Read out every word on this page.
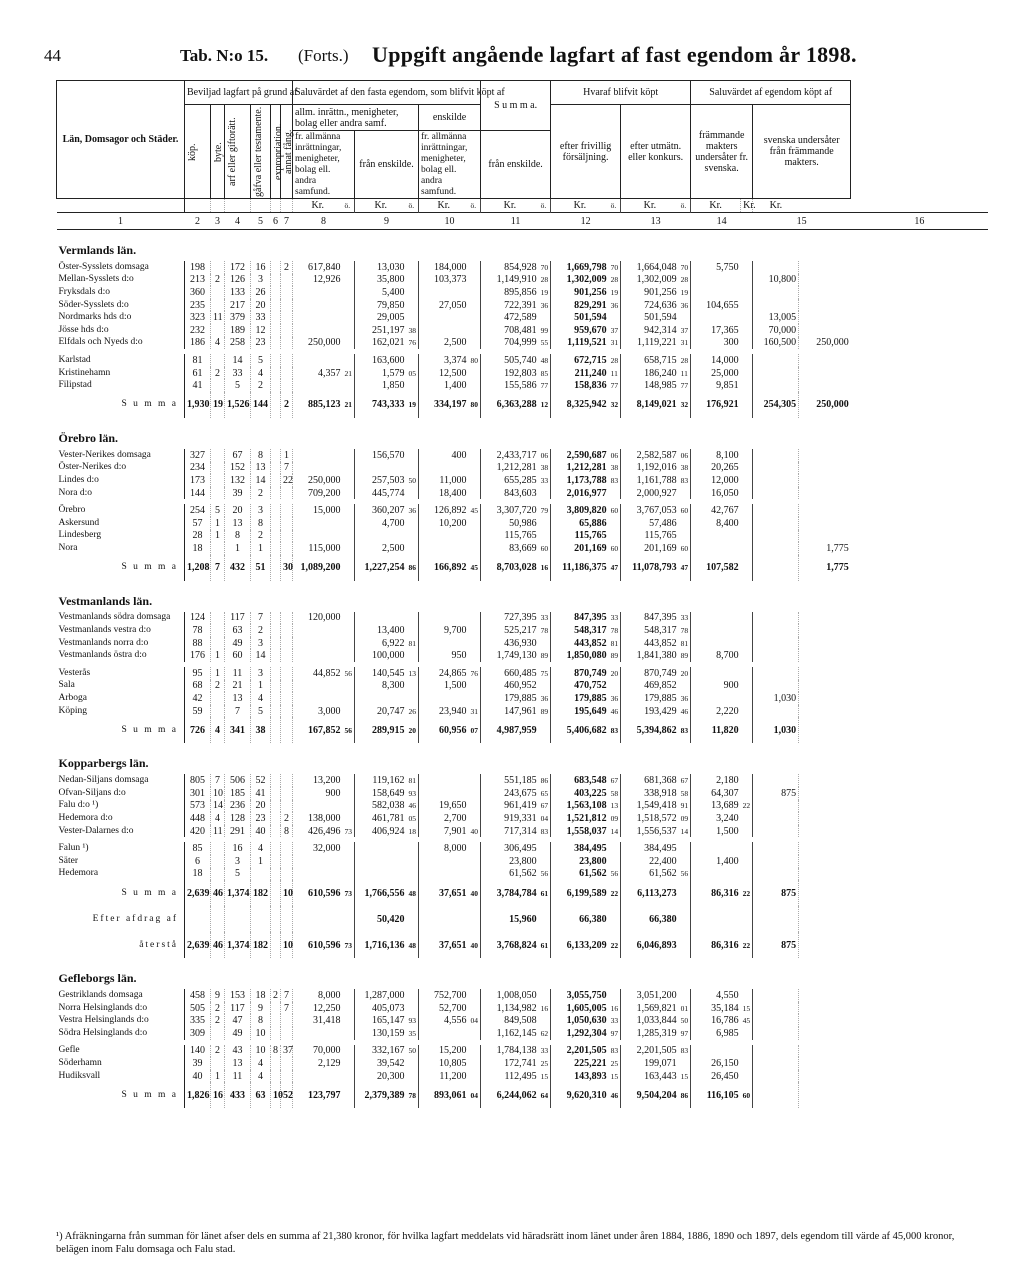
44	Tab. N:o 15. (Forts.) Uppgift angående lagfart af fast egendom år 1898.
Län, Domsagor och Städer.	Beviljad lagfart på grund af						Saluvärdet af den fasta egendom, som blifvit köpt af						S u m m a.		Hvaraf blifvit köpt				Saluvärdet af egendom köpt af				

	köp.	byte.	arf eller giftorätt.	gåfva eller testamente.	expropriation.	annat fång.	allm. inrättn., menigheter, bolag eller andra samf.				enskilde				efter frivillig försäljning.		efter utmätn. eller konkurs.		främmande makters undersåter fr. svenska.		svenska undersåter från främmande makters.		
							fr. allmänna inrättningar, menigheter, bolag ell. andra samfund.		från enskilde.		fr. allmänna inrättningar, menigheter, bolag ell. andra samfund.		från enskilde.										
							Kr.	ö.	Kr.	ö.	Kr.	ö.	Kr.	ö.	Kr.	ö.	Kr.	ö.	Kr.	Kr.	Kr.		
1	2	3	4	5	6	7	8		9		10		11		12		13		14		15		16
Vermlands län.																							

Öster-Sysslets domsaga	198		172	16		2	617,840		13,030		184,000		854,928	70	1,669,798	70	1,664,048	70	5,750				
Mellan-Sysslets d:o	213	2	126	3			12,926		35,800		103,373		1,149,910	28	1,302,009	28	1,302,009	28			10,800		
Fryksdals d:o	360		133	26					5,400				895,856	19	901,256	19	901,256	19					
Söder-Sysslets d:o	235		217	20					79,850		27,050		722,391	36	829,291	36	724,636	36	104,655				
Nordmarks hds d:o	323	11	379	33					29,005				472,589		501,594		501,594				13,005		
Jösse hds d:o	232		189	12					251,197	38			708,481	99	959,670	37	942,314	37	17,365		70,000		
Elfdals och Nyeds d:o	186	4	258	23			250,000		162,021	76	2,500		704,999	55	1,119,521	31	1,119,221	31	300		160,500	250,000	

Karlstad	81		14	5					163,600		3,374	80	505,740	48	672,715	28	658,715	28	14,000				
Kristinehamn	61	2	33	4			4,357	21	1,579	05	12,500		192,803	85	211,240	11	186,240	11	25,000				
Filipstad	41		5	2					1,850		1,400		155,586	77	158,836	77	148,985	77	9,851				
S u m m a	1,930	19	1,526	144		2	885,123	21	743,333	19	334,197	80	6,363,288	12	8,325,942	32	8,149,021	32	176,921		254,305	250,000	
Örebro län.																							

Vester-Nerikes domsaga	327		67	8		1			156,570		400		2,433,717	06	2,590,687	06	2,582,587	06	8,100				
Öster-Nerikes d:o	234		152	13		7							1,212,281	38	1,212,281	38	1,192,016	38	20,265				
Lindes d:o	173		132	14		22	250,000		257,503	50	11,000		655,285	33	1,173,788	83	1,161,788	83	12,000				
Nora d:o	144		39	2			709,200		445,774		18,400		843,603		2,016,977		2,000,927		16,050				

Örebro	254	5	20	3			15,000		360,207	36	126,892	45	3,307,720	79	3,809,820	60	3,767,053	60	42,767				
Askersund	57	1	13	8					4,700		10,200		50,986		65,886		57,486		8,400				
Lindesberg	28	1	8	2									115,765		115,765		115,765						
Nora	18		1	1			115,000		2,500				83,669	60	201,169	60	201,169	60				1,775	
S u m m a	1,208	7	432	51		30	1,089,200		1,227,254	86	166,892	45	8,703,028	16	11,186,375	47	11,078,793	47	107,582			1,775	
Vestmanlands län.																							

Vestmanlands södra domsaga	124		117	7			120,000						727,395	33	847,395	33	847,395	33					
Vestmanlands vestra d:o	78		63	2					13,400		9,700		525,217	78	548,317	78	548,317	78					
Vestmanlands norra d:o	88		49	3					6,922	81			436,930		443,852	81	443,852	81					
Vestmanlands östra d:o	176	1	60	14					100,000		950		1,749,130	89	1,850,080	89	1,841,380	89	8,700				

Vesterås	95	1	11	3			44,852	56	140,545	13	24,865	76	660,485	75	870,749	20	870,749	20					
Sala	68	2	21	1					8,300		1,500		460,952		470,752		469,852		900				
Arboga	42		13	4									179,885	36	179,885	36	179,885	36			1,030		
Köping	59		7	5			3,000		20,747	26	23,940	31	147,961	89	195,649	46	193,429	46	2,220				
S u m m a	726	4	341	38			167,852	56	289,915	20	60,956	07	4,987,959		5,406,682	83	5,394,862	83	11,820		1,030		
Kopparbergs län.																							

Nedan-Siljans domsaga	805	7	506	52			13,200		119,162	81			551,185	86	683,548	67	681,368	67	2,180				
Ofvan-Siljans d:o	301	10	185	41			900		158,649	93			243,675	65	403,225	58	338,918	58	64,307		875		
Falu d:o ¹)	573	14	236	20					582,038	46	19,650		961,419	67	1,563,108	13	1,549,418	91	13,689	22			
Hedemora d:o	448	4	128	23		2	138,000		461,781	05	2,700		919,331	04	1,521,812	09	1,518,572	09	3,240				
Vester-Dalarnes d:o	420	11	291	40		8	426,496	73	406,924	18	7,901	40	717,314	83	1,558,037	14	1,556,537	14	1,500				

Falun ¹)	85		16	4			32,000				8,000		306,495		384,495		384,495						
Säter	6		3	1									23,800		23,800		22,400		1,400				
Hedemora	18		5										61,562	56	61,562	56	61,562	56					
S u m m a	2,639	46	1,374	182		10	610,596	73	1,766,556	48	37,651	40	3,784,784	61	6,199,589	22	6,113,273		86,316	22	875		
Efter afdrag af									50,420				15,960		66,380		66,380						
återstå	2,639	46	1,374	182		10	610,596	73	1,716,136	48	37,651	40	3,768,824	61	6,133,209	22	6,046,893		86,316	22	875		
Gefleborgs län.																							

Gestriklands domsaga	458	9	153	18	2	7	8,000		1,287,000		752,700		1,008,050		3,055,750		3,051,200		4,550				
Norra Helsinglands d:o	505	2	117	9		7	12,250		405,073		52,700		1,134,982	16	1,605,005	16	1,569,821	01	35,184	15			
Vestra Helsinglands d:o	335	2	47	8			31,418		165,147	93	4,556	04	849,508		1,050,630	33	1,033,844	50	16,786	45			
Södra Helsinglands d:o	309		49	10					130,159	35			1,162,145	62	1,292,304	97	1,285,319	97	6,985				

Gefle	140	2	43	10	8	37	70,000		332,167	50	15,200		1,784,138	33	2,201,505	83	2,201,505	83					
Söderhamn	39		13	4			2,129		39,542		10,805		172,741	25	225,221	25	199,071		26,150				
Hudiksvall	40	1	11	4					20,300		11,200		112,495	15	143,893	15	163,443	15	26,450				
S u m m a	1,826	16	433	63	10	52	123,797		2,379,389	78	893,061	04	6,244,062	64	9,620,310	46	9,504,204	86	116,105	60			
¹) Afräkningarna från summan för länet afser dels en summa af 21,380 kronor, för hvilka lagfart meddelats vid häradsrätt inom länet under åren 1884, 1886, 1890 och 1897, dels egendom till värde af 45,000 kronor, belägen inom Falu domsaga och Falu stad.
